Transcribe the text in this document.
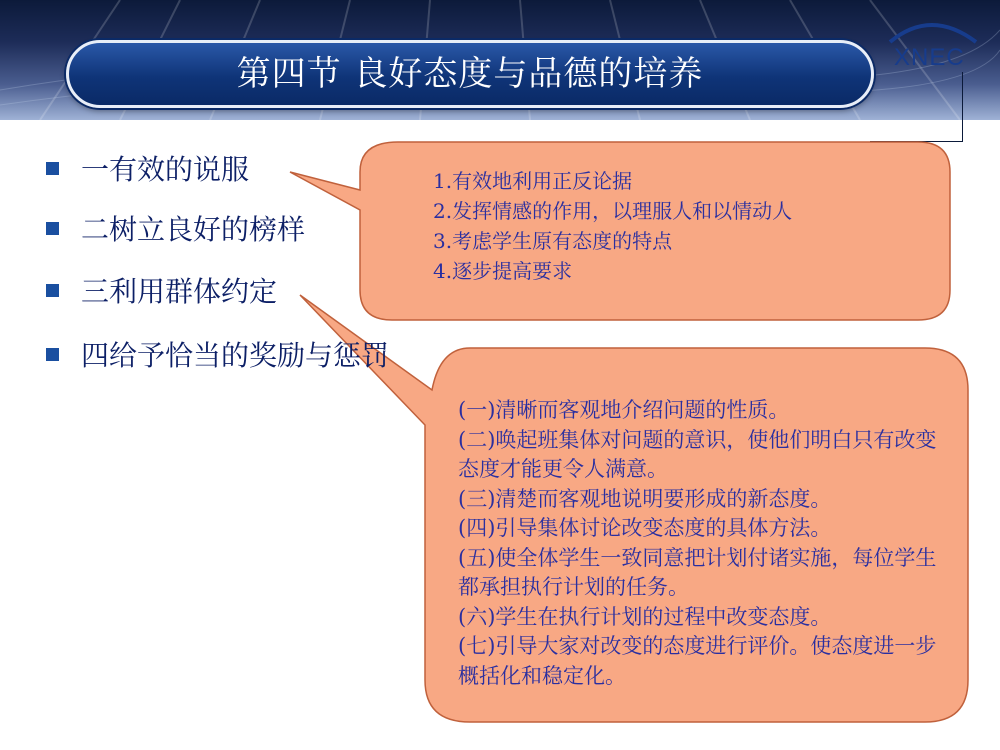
第四节 良好态度与品德的培养	XNEC
一有效的说服
二树立良好的榜样
三利用群体约定
四给予恰当的奖励与惩罚
1.有效地利用正反论据
2.发挥情感的作用，以理服人和以情动人
3.考虑学生原有态度的特点
4.逐步提高要求
(一)清晰而客观地介绍问题的性质。
(二)唤起班集体对问题的意识，使他们明白只有改变态度才能更令人满意。
(三)清楚而客观地说明要形成的新态度。
(四)引导集体讨论改变态度的具体方法。
(五)使全体学生一致同意把计划付诸实施，每位学生都承担执行计划的任务。
(六)学生在执行计划的过程中改变态度。
(七)引导大家对改变的态度进行评价。使态度进一步概括化和稳定化。
